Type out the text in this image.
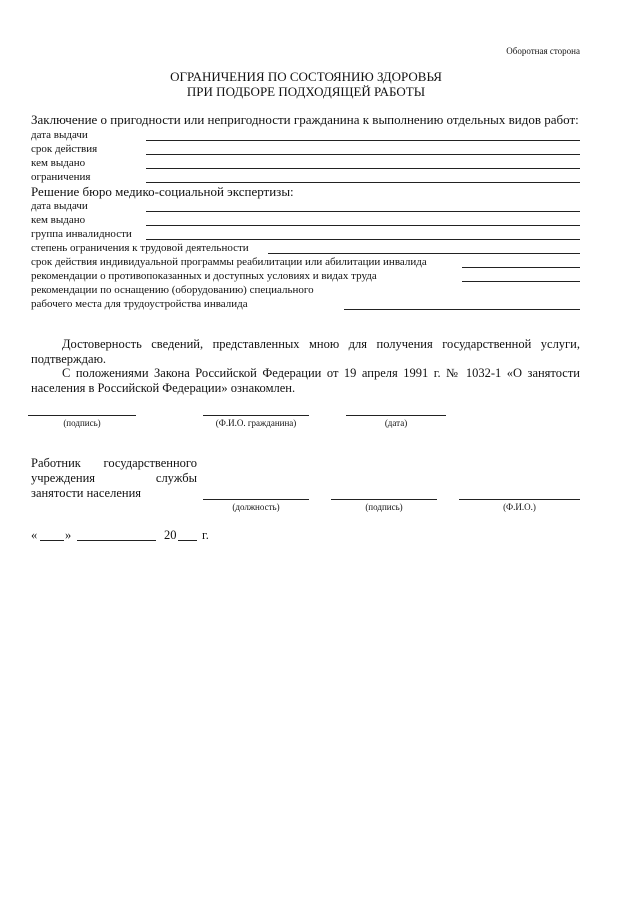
Оборотная сторона
ОГРАНИЧЕНИЯ ПО СОСТОЯНИЮ ЗДОРОВЬЯ
ПРИ ПОДБОРЕ ПОДХОДЯЩЕЙ РАБОТЫ
Заключение о пригодности или непригодности гражданина к выполнению отдельных видов работ:
дата выдачи
срок действия
кем выдано
ограничения
Решение бюро медико-социальной экспертизы:
дата выдачи
кем выдано
группа инвалидности
степень ограничения к трудовой деятельности
срок действия индивидуальной программы реабилитации или абилитации инвалида
рекомендации о противопоказанных и доступных условиях и видах труда
рекомендации по оснащению (оборудованию) специального
рабочего места для трудоустройства инвалида
Достоверность сведений, представленных мною для получения государственной услуги,
подтверждаю.
С положениями Закона Российской Федерации от 19 апреля 1991 г. № 1032-1 «О занятости
населения в Российской Федерации» ознакомлен.
(подпись)	(Ф.И.О. гражданина)	(дата)
Работник государственного
учреждения службы
занятости населения
(должность)	(подпись)	(Ф.И.О.)
« »	20 г.
